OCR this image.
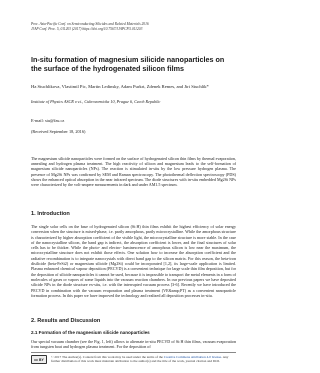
Proc. Asia-Pacific Conf. on Semiconducting Silicides and Related Materials 2016

JJAP Conf. Proc. 5, 011203 (2017) https://doi.org/10.7567/JJAPCP.5.011203

In-situ formation of magnesium silicide nanoparticles on the surface of the hydrogenated silicon films
Ha Stuchlikova, Vlastimil Pic, Martin Ledinsky, Adam Purkrt, Zdenek Remes, and Jiri Stuchlik*
Institute of Physics ASCR v.v.i., Cukrovarnicka 10, Prague 6, Czech Republic
E-mail: stu@fzu.cz
(Received September 18, 2016)
The magnesium silicide nanoparticles were formed on the surface of hydrogenated silicon thin films by thermal evaporation, annealing and hydrogen plasma treatment. The high reactivity of silicon and magnesium leads to the self-formation of magnesium silicide nanoparticles (NPs). The reaction is stimulated in-situ by the low pressure hydrogen plasma. The presence of Mg2Si NPs was confirmed by SEM and Raman spectroscopy. The photothermal deflection spectroscopy (PDS) shows the enhanced optical absorption in the near infrared spectrum. The diode structures with in-situ embedded Mg2Si NPs were characterized by the volt-ampere measurements in dark and under AM1.5 spectrum.
1. Introduction
The single solar cells on the base of hydrogenated silicon (Si:H) thin films exhibit the highest efficiency of solar energy conversion when the structure is mixed-phase, i.e. partly amorphous, partly microcrystalline. While the amorphous structure is characterized by higher absorption coefficient of the visible light, the microcrystalline structure is more stable. In the case of the nanocrystalline silicon, the band gap is indirect, the absorption coefficient is lower, and the final structures of solar cells has to be thicker. While the photo- and electro- luminescence of amorphous silicon is low near the maximum, the microcrystalline structure does not exhibit those effects. One solution how to increase the absorption coefficient and the radiative recombination is to integrate nanocrystals with direct band gap to the silicon matrix. For this reason, the beta-iron disilicide (beta-FeSi2) or magnesium silicide (Mg2Si) could be incorporated [1,2], its large-scale application is limited. Plasma enhanced chemical vapour deposition (PECVD) is a convenient technique for large scale thin film deposition, but for the deposition of silicide nanoparticles it cannot be used, because it is impossible to transport the metal elements in a form of molecules of gases or vapors of some liquids into the vacuum reaction chambers. In our previous papers we have deposited silicide NPs in the diode structure ex-situ, i.e. with the interrupted vacuum process [3-6]. Recently we have introduced the PECVD in combination with the vacuum evaporation and plasma treatment (VE&amp;PT) as a convenient nanoparticle formation process. In this paper we have improved the technology and realized all deposition processes in-situ.
2. Results and Discussion
2.1 Formation of the magnesium silicide nanoparticles
Our special vacuum chamber (see the Fig. 1, left) allows to alternate in-situ PECVD of Si:H thin films, vacuum evaporation from tungsten boat and hydrogen plasma treatment. For the deposition of
cc BY
© 2017 The Author(s). Content from this work may be used under the terms of the Creative Commons Attribution 4.0 license. Any further distribution of this work must maintain attribution to the author(s) and the title of the work, journal citation and DOI.
